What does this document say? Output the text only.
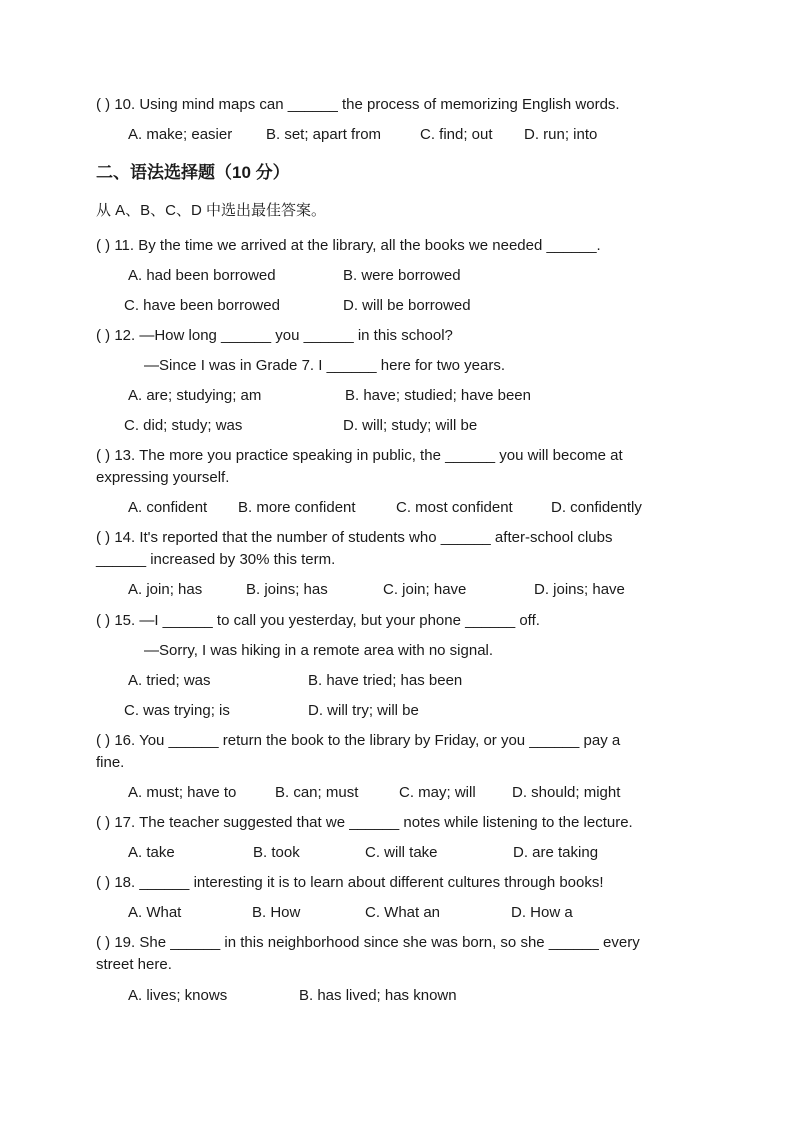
( ) 10. Using mind maps can ______ the process of memorizing English words.
A. make; easier B. set; apart from	C. find; out D. run; into
二、语法选择题（10 分）
从 A、B、C、D 中选出最佳答案。
( ) 11. By the time we arrived at the library, all the books we needed ______.
A. had been borrowed	B. were borrowed
C. have been borrowed	D. will be borrowed
( ) 12. —How long ______ you ______ in this school?
—Since I was in Grade 7. I ______ here for two years.
A. are; studying; am	B. have; studied; have been
C. did; study; was	D. will; study; will be
( ) 13. The more you practice speaking in public, the ______ you will become at
expressing yourself.
A. confident B. more confident	C. most confident	D. confidently
( ) 14. It's reported that the number of students who ______ after-school clubs
______ increased by 30% this term.
A. join; has	B. joins; has	C. join; have	D. joins; have
( ) 15. —I ______ to call you yesterday, but your phone ______ off.
—Sorry, I was hiking in a remote area with no signal.
A. tried; was	B. have tried; has been
C. was trying; is	D. will try; will be
( ) 16. You ______ return the book to the library by Friday, or you ______ pay a
fine.
A. must; have to	B. can; must	C. may; will D. should; might
( ) 17. The teacher suggested that we ______ notes while listening to the lecture.
A. take	B. took	C. will take	D. are taking
( ) 18. ______ interesting it is to learn about different cultures through books!
A. What	B. How	C. What an	D. How a
( ) 19. She ______ in this neighborhood since she was born, so she ______ every
street here.
A. lives; knows	B. has lived; has known
